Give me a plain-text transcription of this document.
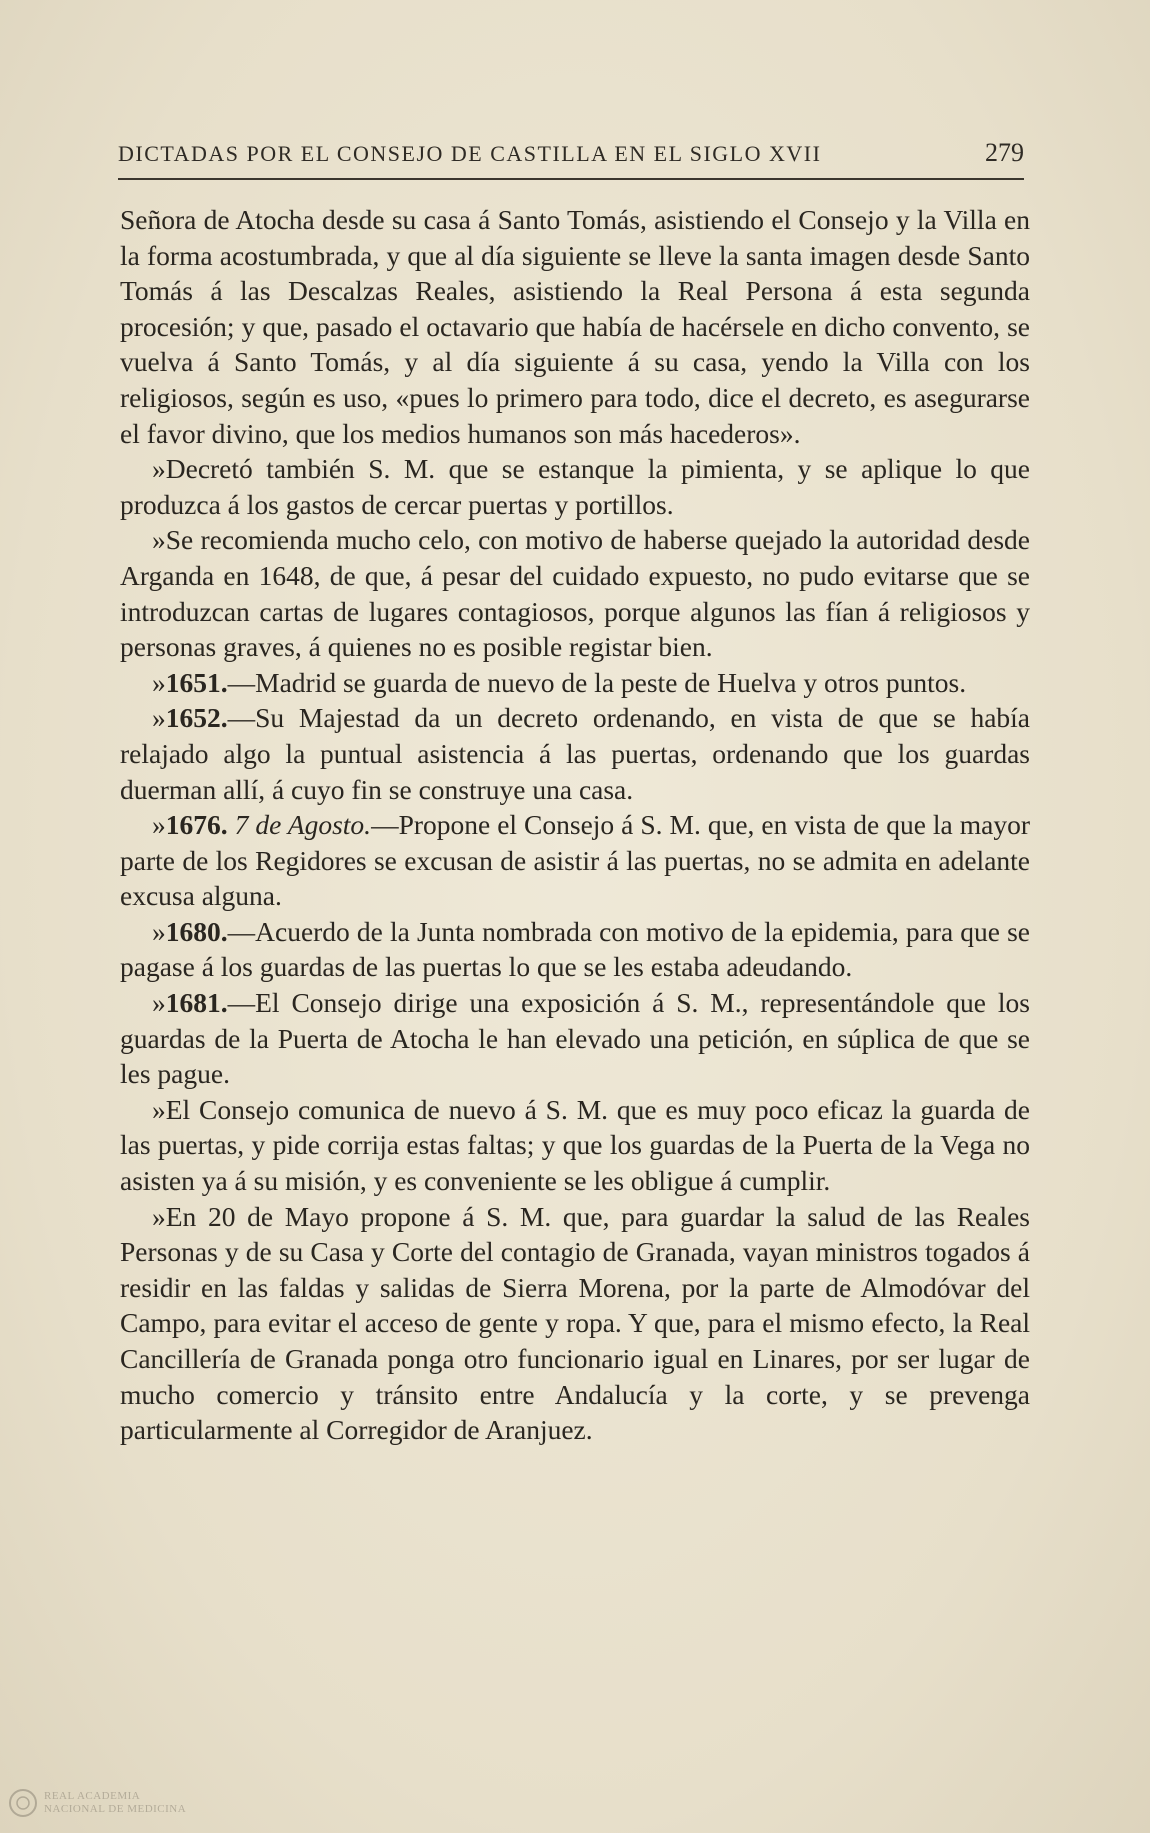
DICTADAS POR EL CONSEJO DE CASTILLA EN EL SIGLO XVII	279

Señora de Atocha desde su casa á Santo Tomás, asistiendo el Consejo y la Villa en la forma acostumbrada, y que al día siguiente se lleve la santa imagen desde Santo Tomás á las Descalzas Reales, asistiendo la Real Persona á esta segunda procesión; y que, pasado el octavario que había de hacérsele en dicho convento, se vuelva á Santo Tomás, y al día siguiente á su casa, yendo la Villa con los religiosos, según es uso, «pues lo primero para todo, dice el decreto, es asegurarse el favor divino, que los medios humanos son más hacederos».

»Decretó también S. M. que se estanque la pimienta, y se aplique lo que produzca á los gastos de cercar puertas y portillos.

»Se recomienda mucho celo, con motivo de haberse quejado la autoridad desde Arganda en 1648, de que, á pesar del cuidado expuesto, no pudo evitarse que se introduzcan cartas de lugares contagiosos, porque algunos las fían á religiosos y personas graves, á quienes no es posible registar bien.

»1651.—Madrid se guarda de nuevo de la peste de Huelva y otros puntos.

»1652.—Su Majestad da un decreto ordenando, en vista de que se había relajado algo la puntual asistencia á las puertas, ordenando que los guardas duerman allí, á cuyo fin se construye una casa.

»1676. 7 de Agosto.—Propone el Consejo á S. M. que, en vista de que la mayor parte de los Regidores se excusan de asistir á las puertas, no se admita en adelante excusa alguna.

»1680.—Acuerdo de la Junta nombrada con motivo de la epidemia, para que se pagase á los guardas de las puertas lo que se les estaba adeudando.

»1681.—El Consejo dirige una exposición á S. M., representándole que los guardas de la Puerta de Atocha le han elevado una petición, en súplica de que se les pague.

»El Consejo comunica de nuevo á S. M. que es muy poco eficaz la guarda de las puertas, y pide corrija estas faltas; y que los guardas de la Puerta de la Vega no asisten ya á su misión, y es conveniente se les obligue á cumplir.

»En 20 de Mayo propone á S. M. que, para guardar la salud de las Reales Personas y de su Casa y Corte del contagio de Granada, vayan ministros togados á residir en las faldas y salidas de Sierra Morena, por la parte de Almodóvar del Campo, para evitar el acceso de gente y ropa. Y que, para el mismo efecto, la Real Cancillería de Granada ponga otro funcionario igual en Linares, por ser lugar de mucho comercio y tránsito entre Andalucía y la corte, y se prevenga particularmente al Corregidor de Aranjuez.

REAL ACADEMIA
NACIONAL DE MEDICINA
